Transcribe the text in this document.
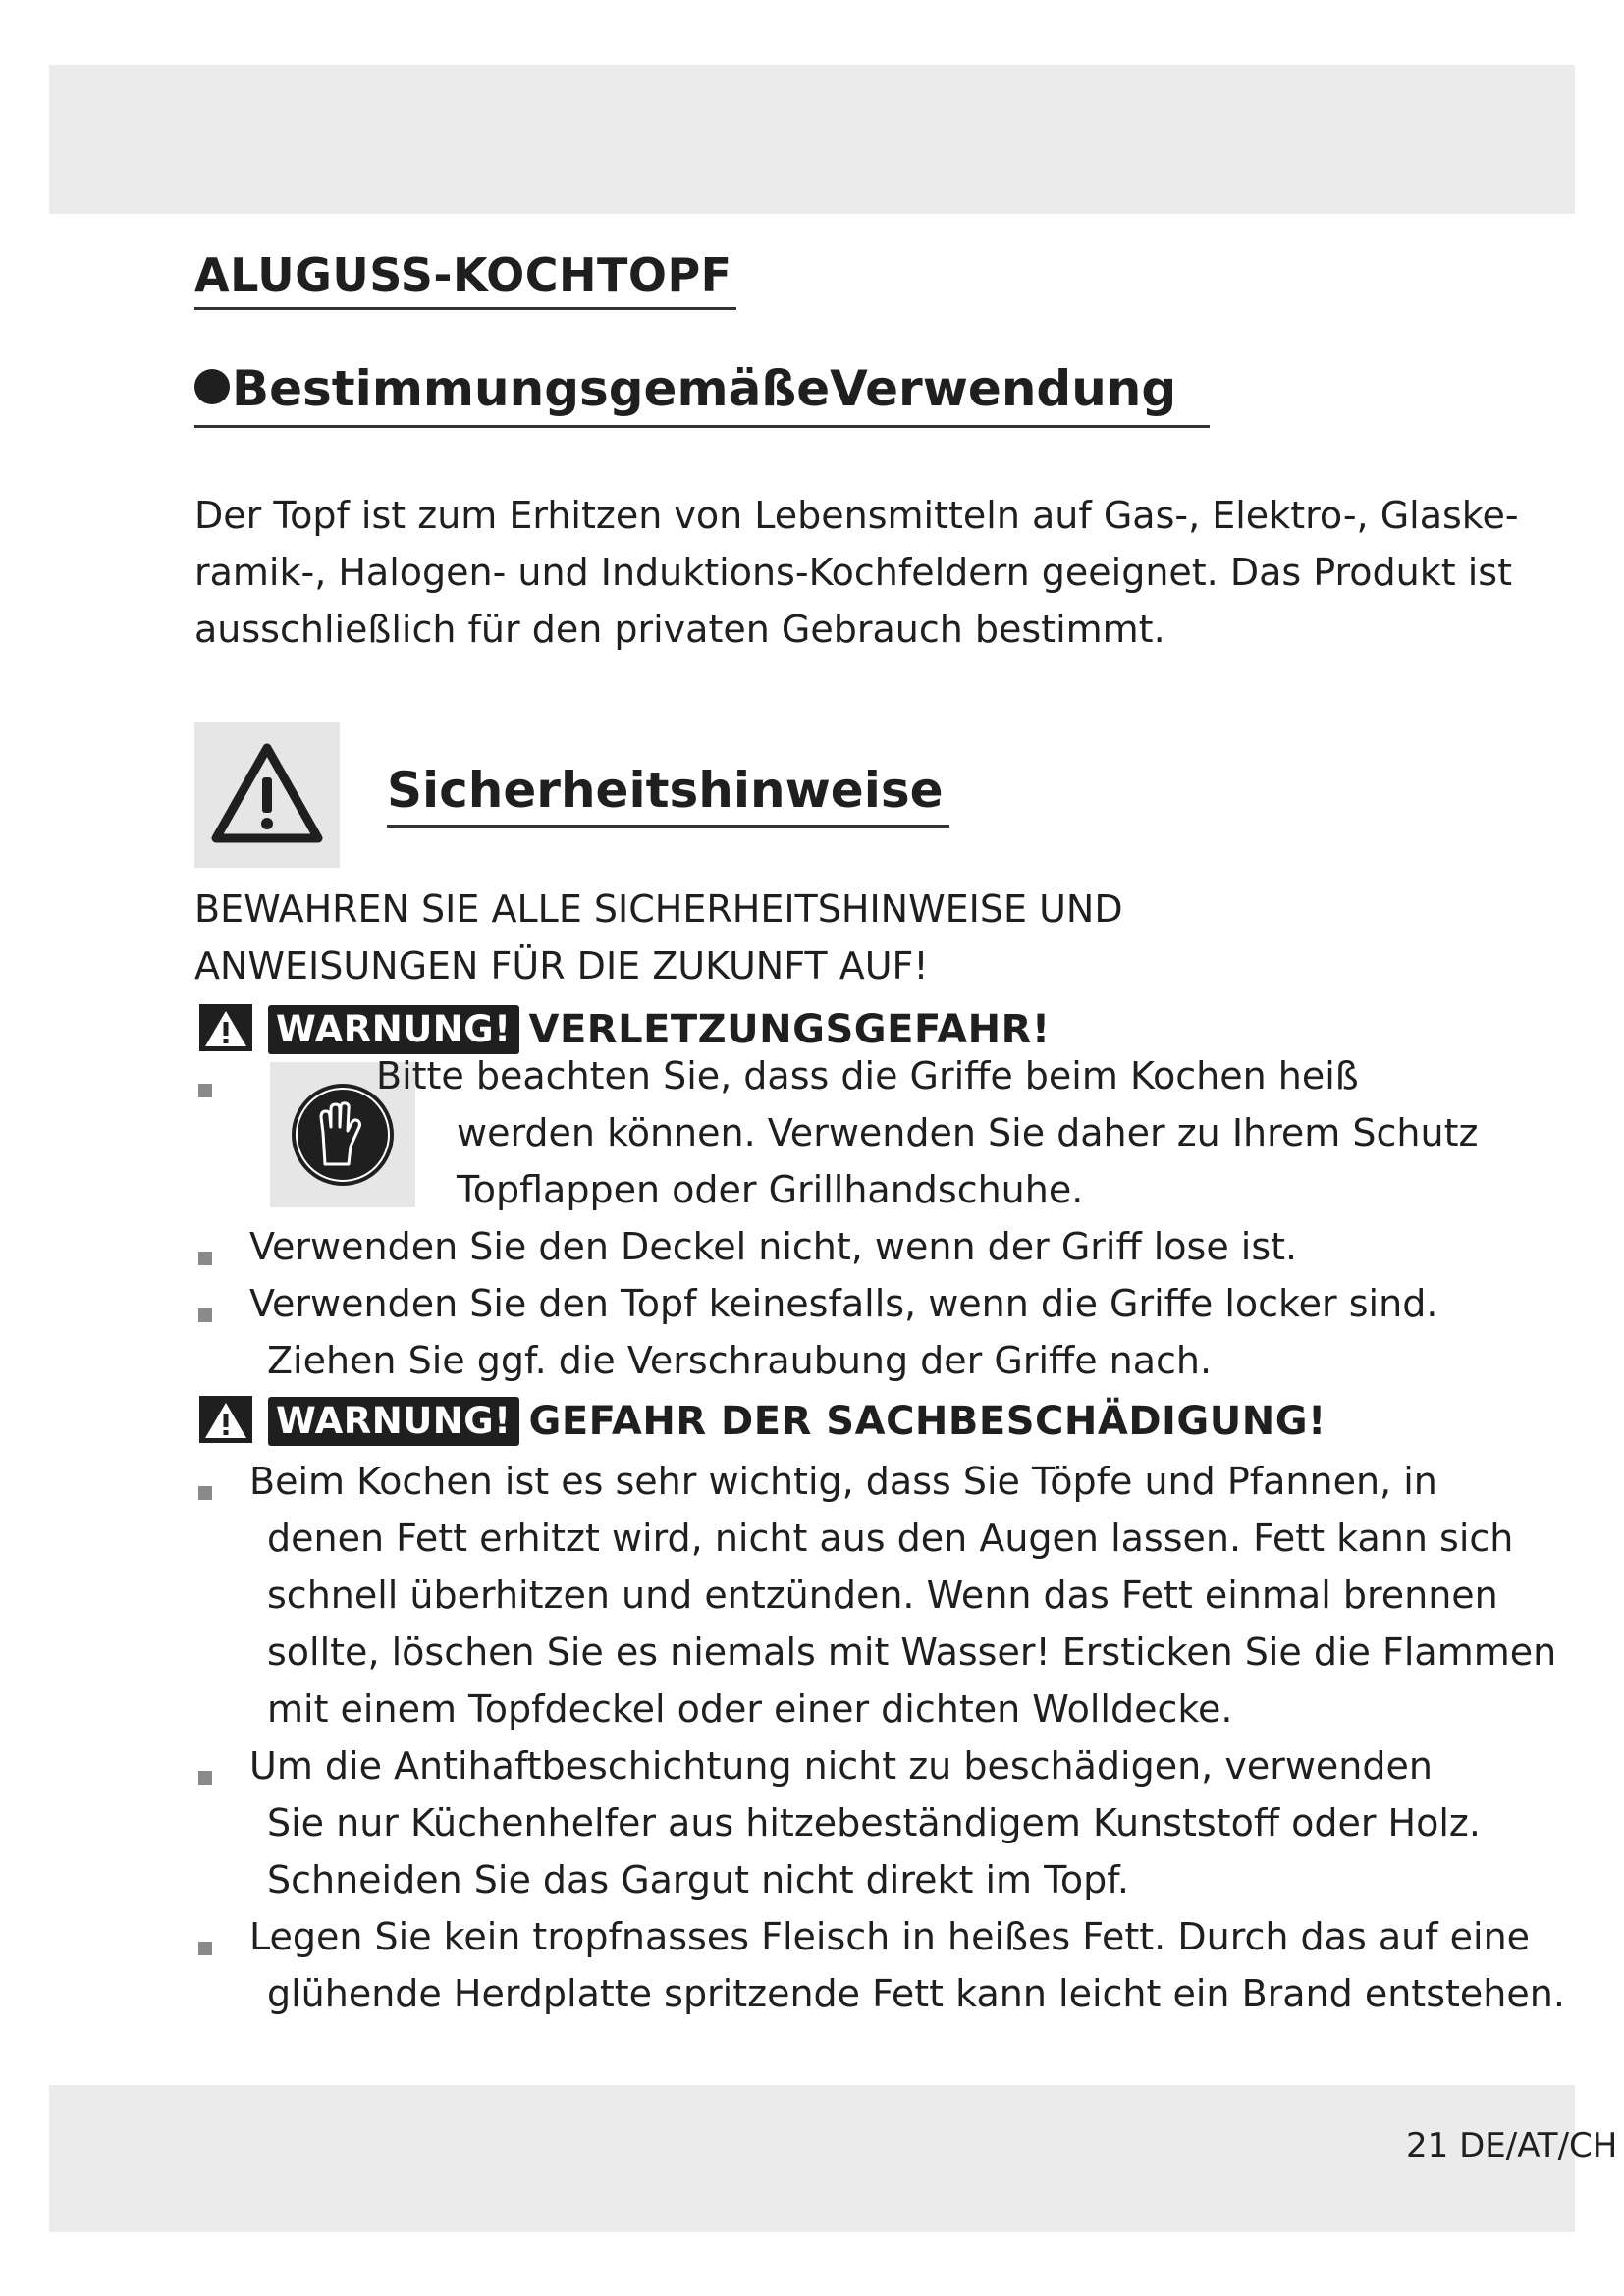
ALUGUSS-KOCHTOPF
BestimmungsgemäßeVerwendung
Der Topf ist zum Erhitzen von Lebensmitteln auf Gas-, Elektro-, Glaske-
ramik-, Halogen- und Induktions-Kochfeldern geeignet. Das Produkt ist
ausschließlich für den privaten Gebrauch bestimmt.
Sicherheitshinweise
BEWAHREN SIE ALLE SICHERHEITSHINWEISE UND
ANWEISUNGEN FÜR DIE ZUKUNFT AUF!
WARNUNG! VERLETZUNGSGEFAHR!
Bitte beachten Sie, dass die Griffe beim Kochen heiß
werden können. Verwenden Sie daher zu Ihrem Schutz
Topflappen oder Grillhandschuhe.
Verwenden Sie den Deckel nicht, wenn der Griff lose ist.
Verwenden Sie den Topf keinesfalls, wenn die Griffe locker sind.
Ziehen Sie ggf. die Verschraubung der Griffe nach.
WARNUNG! GEFAHR DER SACHBESCHÄDIGUNG!
Beim Kochen ist es sehr wichtig, dass Sie Töpfe und Pfannen, in
denen Fett erhitzt wird, nicht aus den Augen lassen. Fett kann sich
schnell überhitzen und entzünden. Wenn das Fett einmal brennen
sollte, löschen Sie es niemals mit Wasser! Ersticken Sie die Flammen
mit einem Topfdeckel oder einer dichten Wolldecke.
Um die Antihaftbeschichtung nicht zu beschädigen, verwenden
Sie nur Küchenhelfer aus hitzebeständigem Kunststoff oder Holz.
Schneiden Sie das Gargut nicht direkt im Topf.
Legen Sie kein tropfnasses Fleisch in heißes Fett. Durch das auf eine
glühende Herdplatte spritzende Fett kann leicht ein Brand entstehen.
21 DE/AT/CH
